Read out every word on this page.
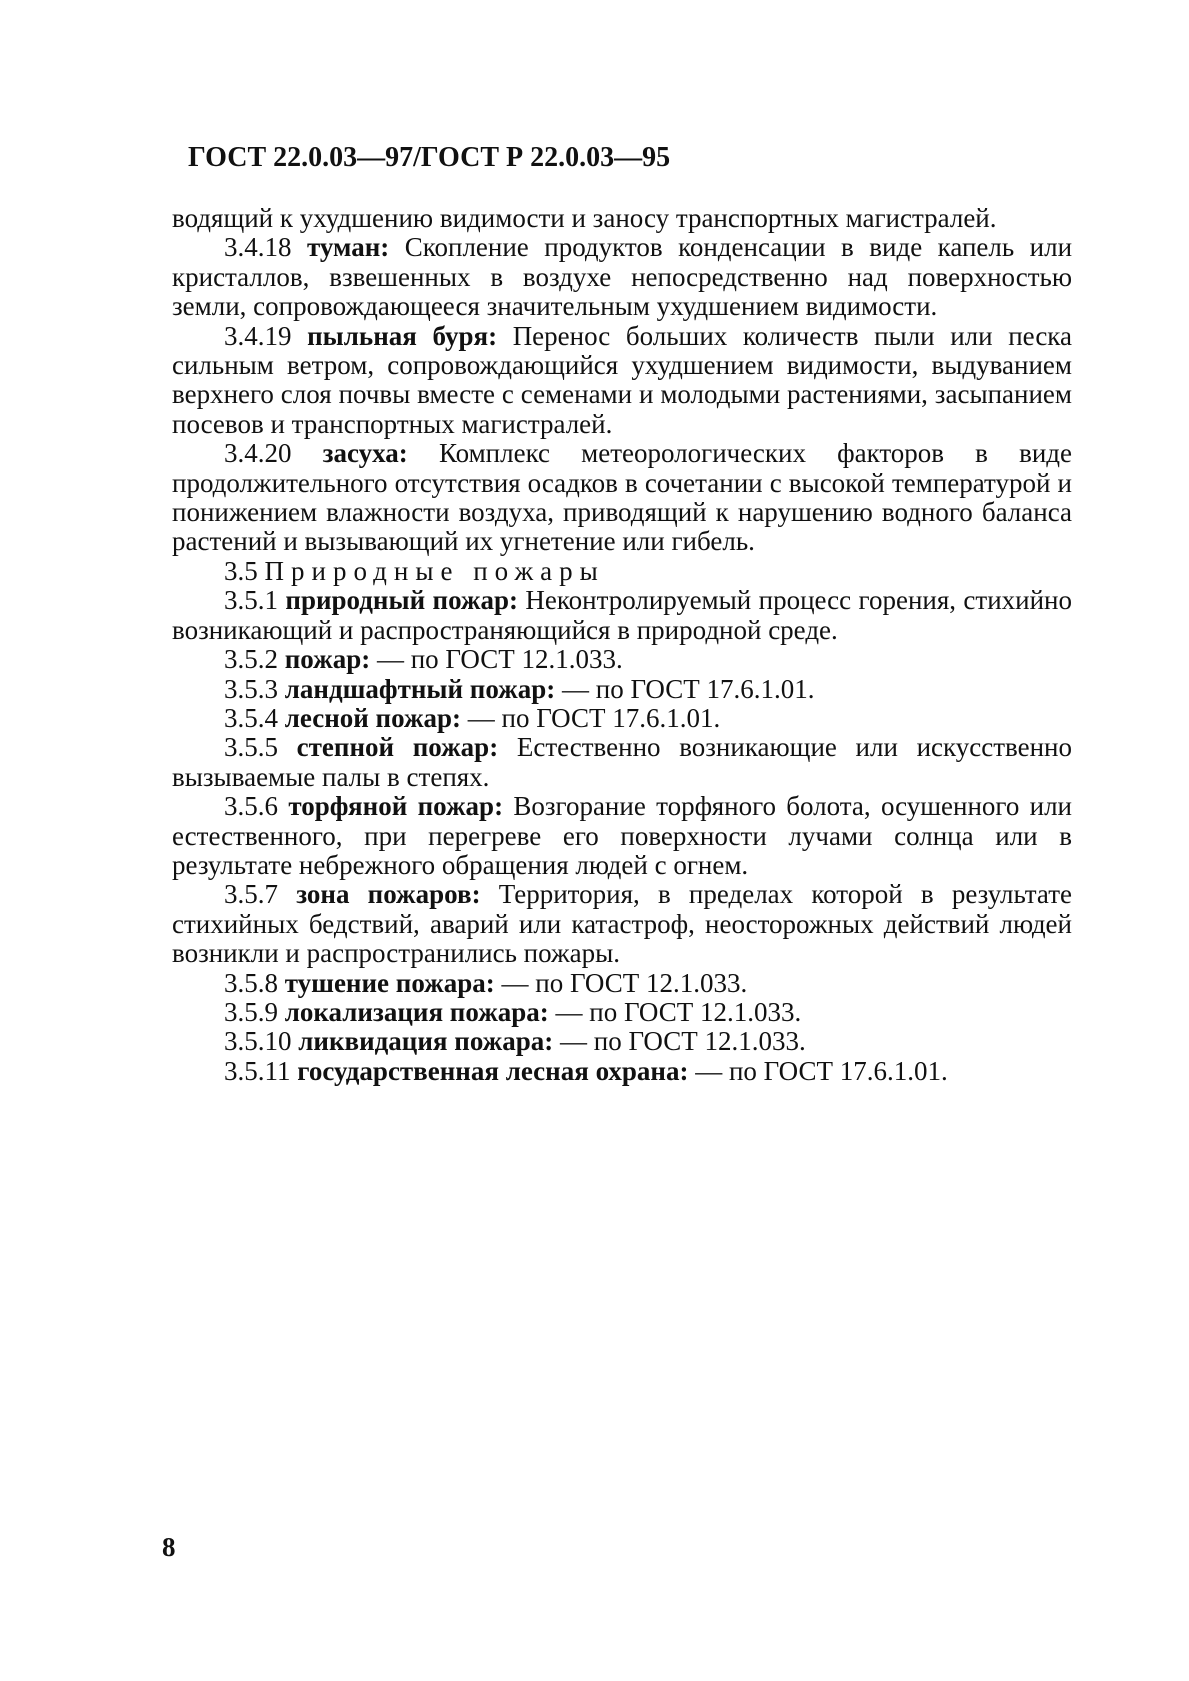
ГОСТ 22.0.03—97/ГОСТ Р 22.0.03—95

водящий к ухудшению видимости и заносу транспортных магистралей.

3.4.18 туман: Скопление продуктов конденсации в виде капель или кристаллов, взвешенных в воздухе непосредственно над поверхностью земли, сопровождающееся значительным ухудшением видимости.

3.4.19 пыльная буря: Перенос больших количеств пыли или песка сильным ветром, сопровождающийся ухудшением видимости, выдуванием верхнего слоя почвы вместе с семенами и молодыми растениями, засыпанием посевов и транспортных магистралей.

3.4.20 засуха: Комплекс метеорологических факторов в виде продолжительного отсутствия осадков в сочетании с высокой температурой и понижением влажности воздуха, приводящий к нарушению водного баланса растений и вызывающий их угнетение или гибель.

3.5 Природные пожары

3.5.1 природный пожар: Неконтролируемый процесс горения, стихийно возникающий и распространяющийся в природной среде.

3.5.2 пожар: — по ГОСТ 12.1.033.

3.5.3 ландшафтный пожар: — по ГОСТ 17.6.1.01.

3.5.4 лесной пожар: — по ГОСТ 17.6.1.01.

3.5.5 степной пожар: Естественно возникающие или искусственно вызываемые палы в степях.

3.5.6 торфяной пожар: Возгорание торфяного болота, осушенного или естественного, при перегреве его поверхности лучами солнца или в результате небрежного обращения людей с огнем.

3.5.7 зона пожаров: Территория, в пределах которой в результате стихийных бедствий, аварий или катастроф, неосторожных действий людей возникли и распространились пожары.

3.5.8 тушение пожара: — по ГОСТ 12.1.033.

3.5.9 локализация пожара: — по ГОСТ 12.1.033.

3.5.10 ликвидация пожара: — по ГОСТ 12.1.033.

3.5.11 государственная лесная охрана: — по ГОСТ 17.6.1.01.

8
